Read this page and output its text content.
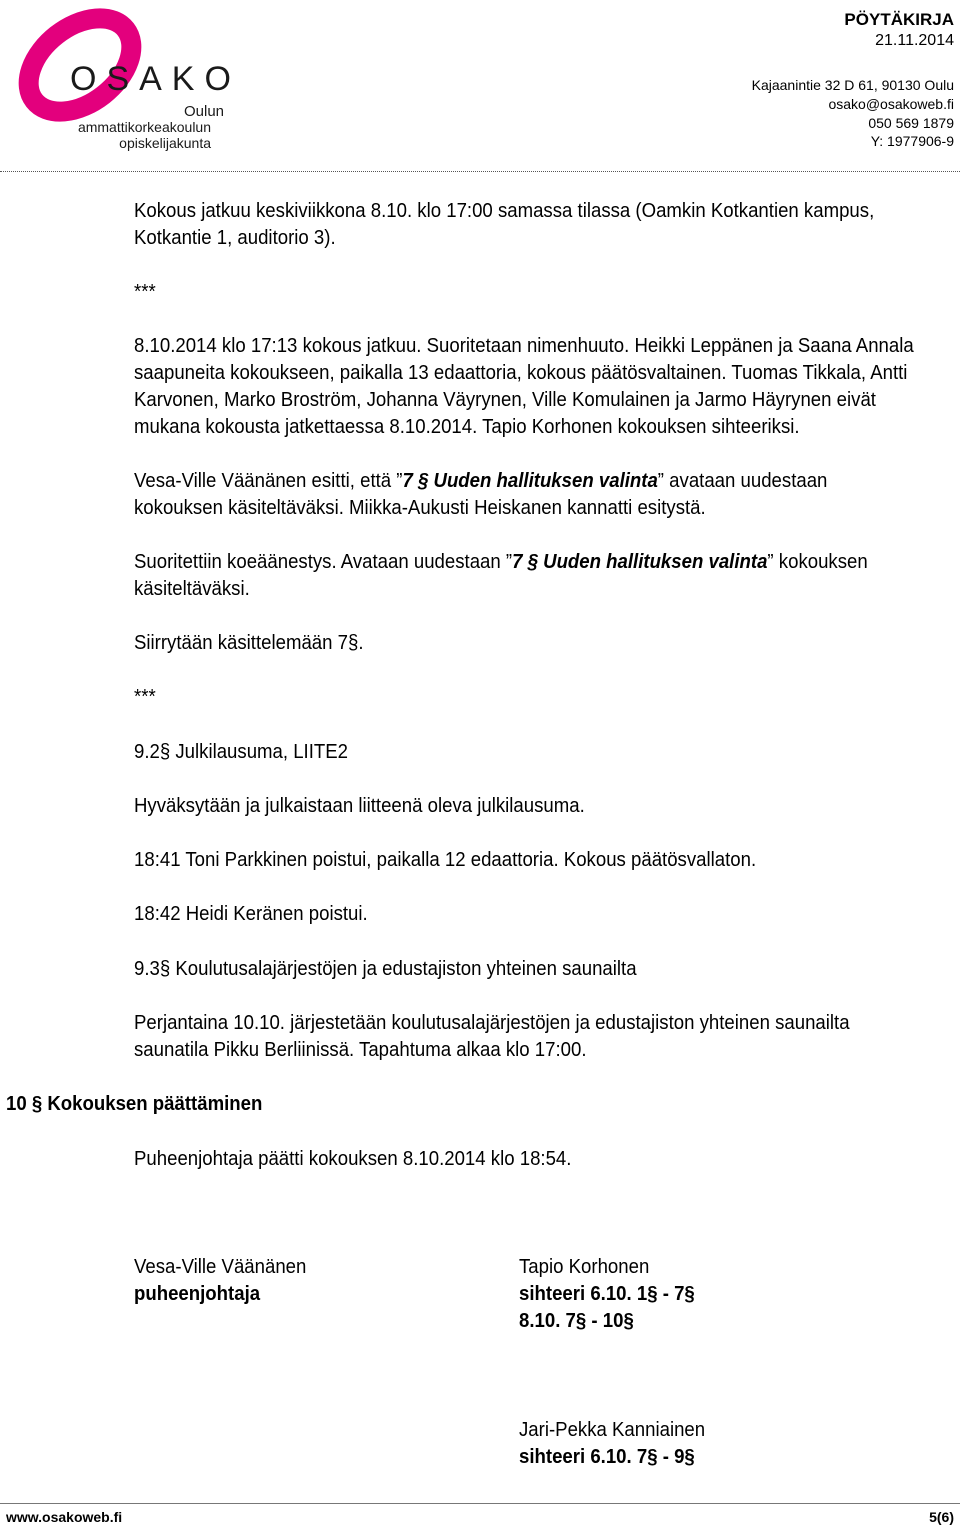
OSAKO
Oulun
ammattikorkeakoulun
opiskelijakunta
PÖYTÄKIRJA
21.11.2014
Kajaanintie 32 D 61, 90130 Oulu
osako@osakoweb.fi
050 569 1879
Y: 1977906-9
Kokous jatkuu keskiviikkona 8.10. klo 17:00 samassa tilassa (Oamkin Kotkantien kampus,
Kotkantie 1, auditorio 3).
***
8.10.2014 klo 17:13 kokous jatkuu. Suoritetaan nimenhuuto. Heikki Leppänen ja Saana Annala
saapuneita kokoukseen, paikalla 13 edaattoria, kokous päätösvaltainen. Tuomas Tikkala, Antti
Karvonen, Marko Broström, Johanna Väyrynen, Ville Komulainen ja Jarmo Häyrynen eivät
mukana kokousta jatkettaessa 8.10.2014. Tapio Korhonen kokouksen sihteeriksi.
Vesa-Ville Väänänen esitti, että ”7 § Uuden hallituksen valinta” avataan uudestaan
kokouksen käsiteltäväksi. Miikka-Aukusti Heiskanen kannatti esitystä.
Suoritettiin koeäänestys. Avataan uudestaan ”7 § Uuden hallituksen valinta” kokouksen
käsiteltäväksi.
Siirrytään käsittelemään 7§.
***
9.2§ Julkilausuma, LIITE2
Hyväksytään ja julkaistaan liitteenä oleva julkilausuma.
18:41 Toni Parkkinen poistui, paikalla 12 edaattoria. Kokous päätösvallaton.
18:42 Heidi Keränen poistui.
9.3§ Koulutusalajärjestöjen ja edustajiston yhteinen saunailta
Perjantaina 10.10. järjestetään koulutusalajärjestöjen ja edustajiston yhteinen saunailta
saunatila Pikku Berliinissä. Tapahtuma alkaa klo 17:00.
10 § Kokouksen päättäminen
Puheenjohtaja päätti kokouksen 8.10.2014 klo 18:54.
Vesa-Ville Väänänen
puheenjohtaja
Tapio Korhonen
sihteeri 6.10. 1§ - 7§
8.10. 7§ - 10§
Jari-Pekka Kanniainen
sihteeri 6.10. 7§ - 9§
www.osakoweb.fi	5(6)
